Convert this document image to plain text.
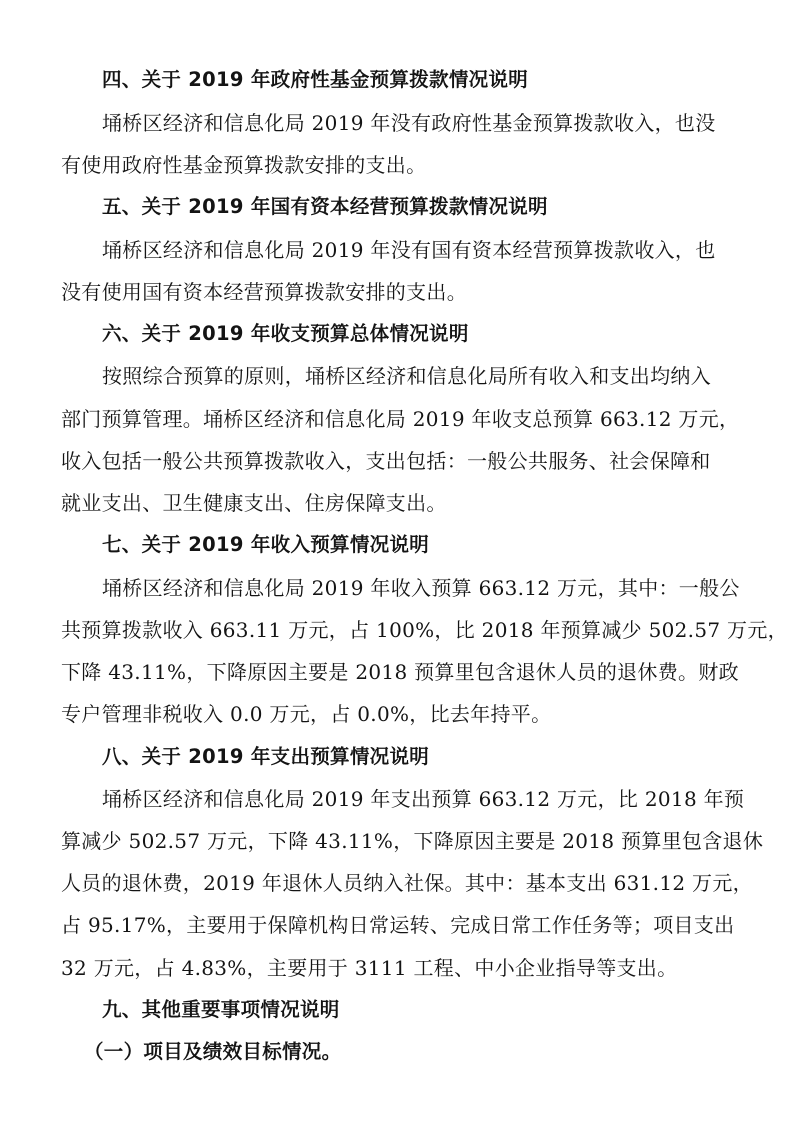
四、关于 2019 年政府性基金预算拨款情况说明
埇桥区经济和信息化局 2019 年没有政府性基金预算拨款收入，也没
有使用政府性基金预算拨款安排的支出。
五、关于 2019 年国有资本经营预算拨款情况说明
埇桥区经济和信息化局 2019 年没有国有资本经营预算拨款收入，也
没有使用国有资本经营预算拨款安排的支出。
六、关于 2019 年收支预算总体情况说明
按照综合预算的原则，埇桥区经济和信息化局所有收入和支出均纳入
部门预算管理。埇桥区经济和信息化局 2019 年收支总预算 663.12 万元，
收入包括一般公共预算拨款收入，支出包括：一般公共服务、社会保障和
就业支出、卫生健康支出、住房保障支出。
七、关于 2019 年收入预算情况说明
埇桥区经济和信息化局 2019 年收入预算 663.12 万元，其中：一般公
共预算拨款收入 663.11 万元，占 100%，比 2018 年预算减少 502.57 万元，
下降 43.11%，下降原因主要是 2018 预算里包含退休人员的退休费。财政
专户管理非税收入 0.0 万元，占 0.0%，比去年持平。
八、关于 2019 年支出预算情况说明
埇桥区经济和信息化局 2019 年支出预算 663.12 万元，比 2018 年预
算减少 502.57 万元，下降 43.11%，下降原因主要是 2018 预算里包含退休
人员的退休费，2019 年退休人员纳入社保。其中：基本支出 631.12 万元，
占 95.17%，主要用于保障机构日常运转、完成日常工作任务等；项目支出
32 万元，占 4.83%，主要用于 3111 工程、中小企业指导等支出。
九、其他重要事项情况说明
（一）项目及绩效目标情况。
